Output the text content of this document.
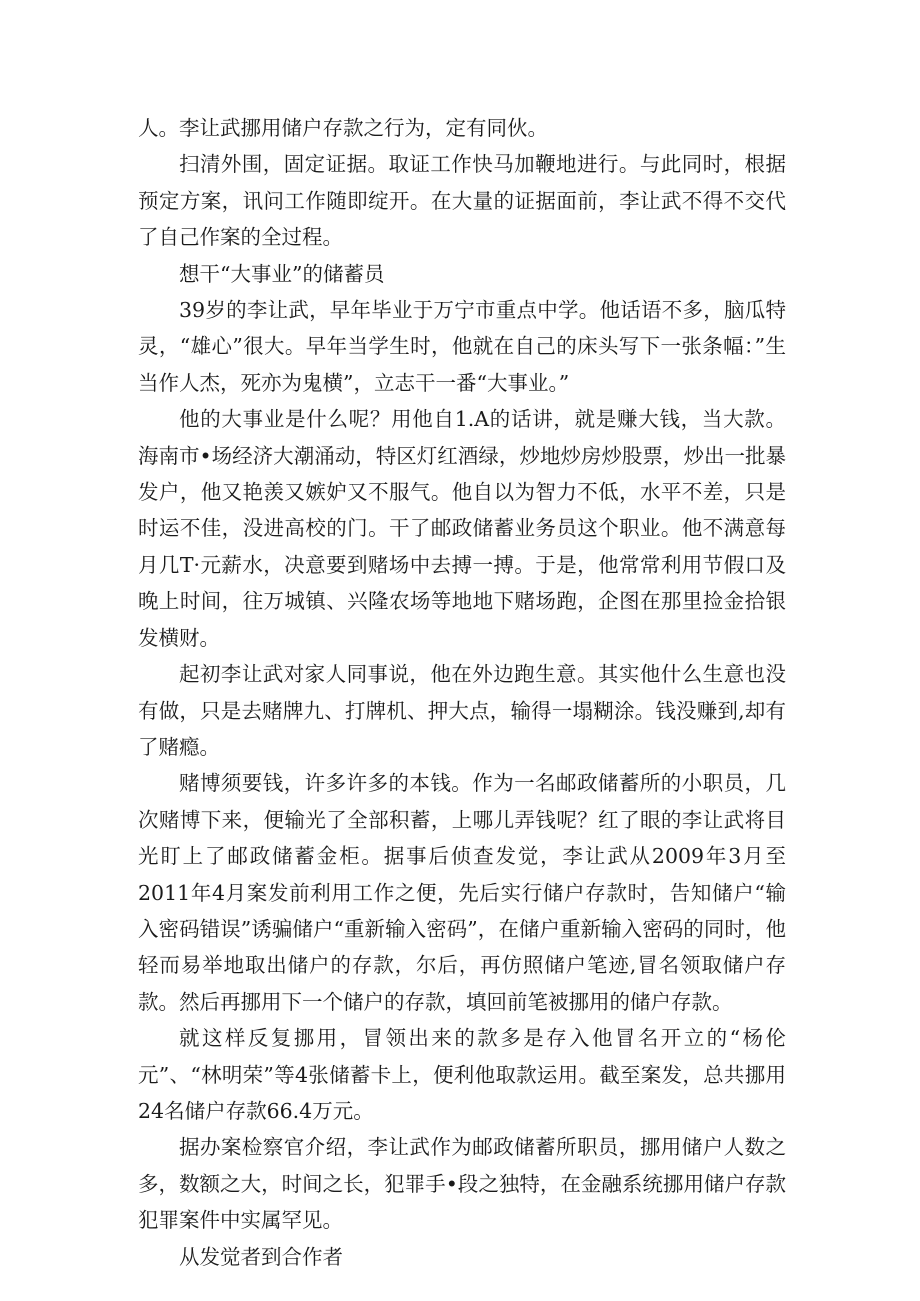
人。李让武挪用储户存款之行为，定有同伙。

扫清外围，固定证据。取证工作快马加鞭地进行。与此同时，根据预定方案，讯问工作随即绽开。在大量的证据面前，李让武不得不交代了自己作案的全过程。

想干“大事业”的储蓄员

39岁的李让武，早年毕业于万宁市重点中学。他话语不多，脑瓜特灵，“雄心”很大。早年当学生时，他就在自己的床头写下一张条幅：”生当作人杰，死亦为鬼横”，立志干一番“大事业。”

他的大事业是什么呢？用他自1.A的话讲，就是赚大钱，当大款。海南市•场经济大潮涌动，特区灯红酒绿，炒地炒房炒股票，炒出一批暴发户，他又艳羡又嫉妒又不服气。他自以为智力不低，水平不差，只是时运不佳，没进高校的门。干了邮政储蓄业务员这个职业。他不满意每月几T·元薪水，决意要到赌场中去搏一搏。于是，他常常利用节假口及晚上时间，往万城镇、兴隆农场等地地下赌场跑，企图在那里捡金拾银发横财。

起初李让武对家人同事说，他在外边跑生意。其实他什么生意也没有做，只是去赌牌九、打牌机、押大点，输得一塌糊涂。钱没赚到,却有了赌瘾。

赌博须要钱，许多许多的本钱。作为一名邮政储蓄所的小职员，几次赌博下来，便输光了全部积蓄，上哪儿弄钱呢？红了眼的李让武将目光盯上了邮政储蓄金柜。据事后侦查发觉，李让武从2009年3月至2011年4月案发前利用工作之便，先后实行储户存款时，告知储户“输入密码错误”诱骗储户“重新输入密码”，在储户重新输入密码的同时，他轻而易举地取出储户的存款，尔后，再仿照储户笔迹,冒名领取储户存款。然后再挪用下一个储户的存款，填回前笔被挪用的储户存款。

就这样反复挪用，冒领出来的款多是存入他冒名开立的“杨伦元”、“林明荣”等4张储蓄卡上，便利他取款运用。截至案发，总共挪用24名储户存款66.4万元。

据办案检察官介绍，李让武作为邮政储蓄所职员，挪用储户人数之多，数额之大，时间之长，犯罪手•段之独特，在金融系统挪用储户存款犯罪案件中实属罕见。

从发觉者到合作者
